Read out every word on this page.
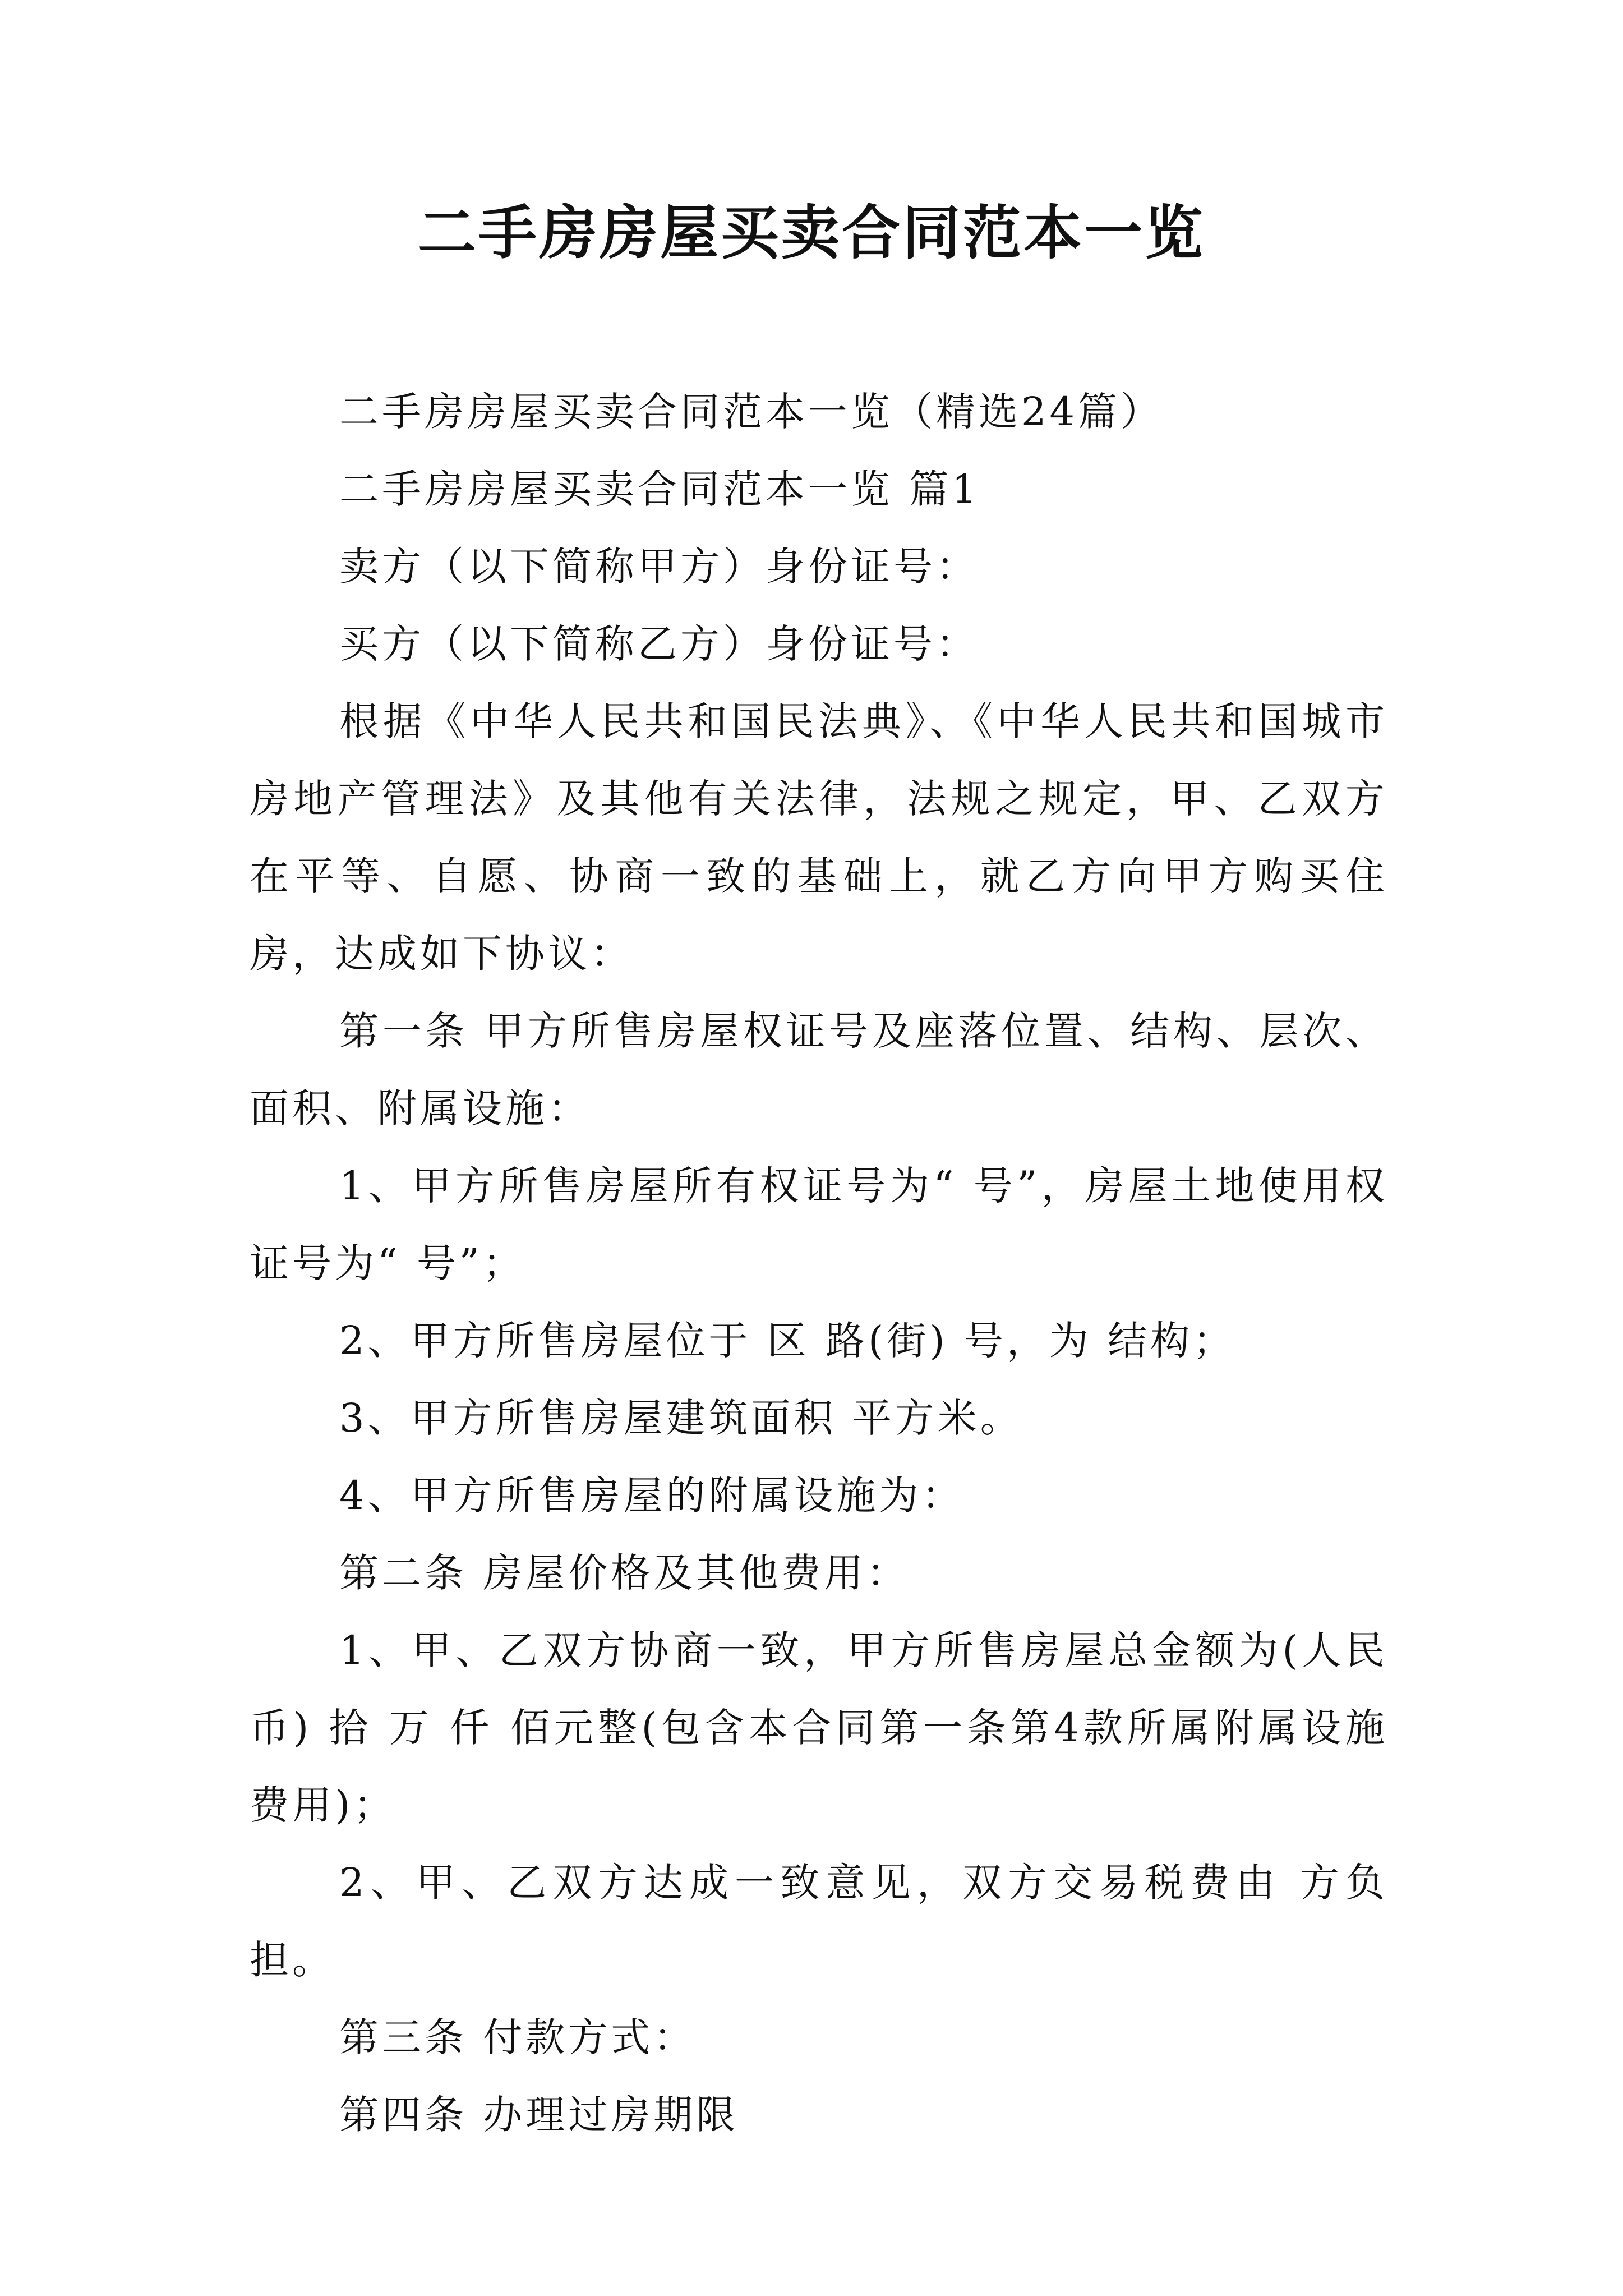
二手房房屋买卖合同范本一览

二手房房屋买卖合同范本一览（精选24篇）

二手房房屋买卖合同范本一览 篇1

卖方（以下简称甲方）身份证号：

买方（以下简称乙方）身份证号：

根据《中华人民共和国民法典》、《中华人民共和国城市房地产管理法》及其他有关法律，法规之规定，甲、乙双方在平等、自愿、协商一致的基础上，就乙方向甲方购买住房，达成如下协议：

第一条 甲方所售房屋权证号及座落位置、结构、层次、面积、附属设施：

1、甲方所售房屋所有权证号为“ 号”，房屋土地使用权证号为“ 号”；

2、甲方所售房屋位于 区 路(街) 号，为 结构；

3、甲方所售房屋建筑面积 平方米。

4、甲方所售房屋的附属设施为：

第二条 房屋价格及其他费用：

1、甲、乙双方协商一致，甲方所售房屋总金额为(人民币) 拾 万 仟 佰元整(包含本合同第一条第4款所属附属设施费用)；

2、甲、乙双方达成一致意见，双方交易税费由 方负担。

第三条 付款方式：

第四条 办理过房期限
